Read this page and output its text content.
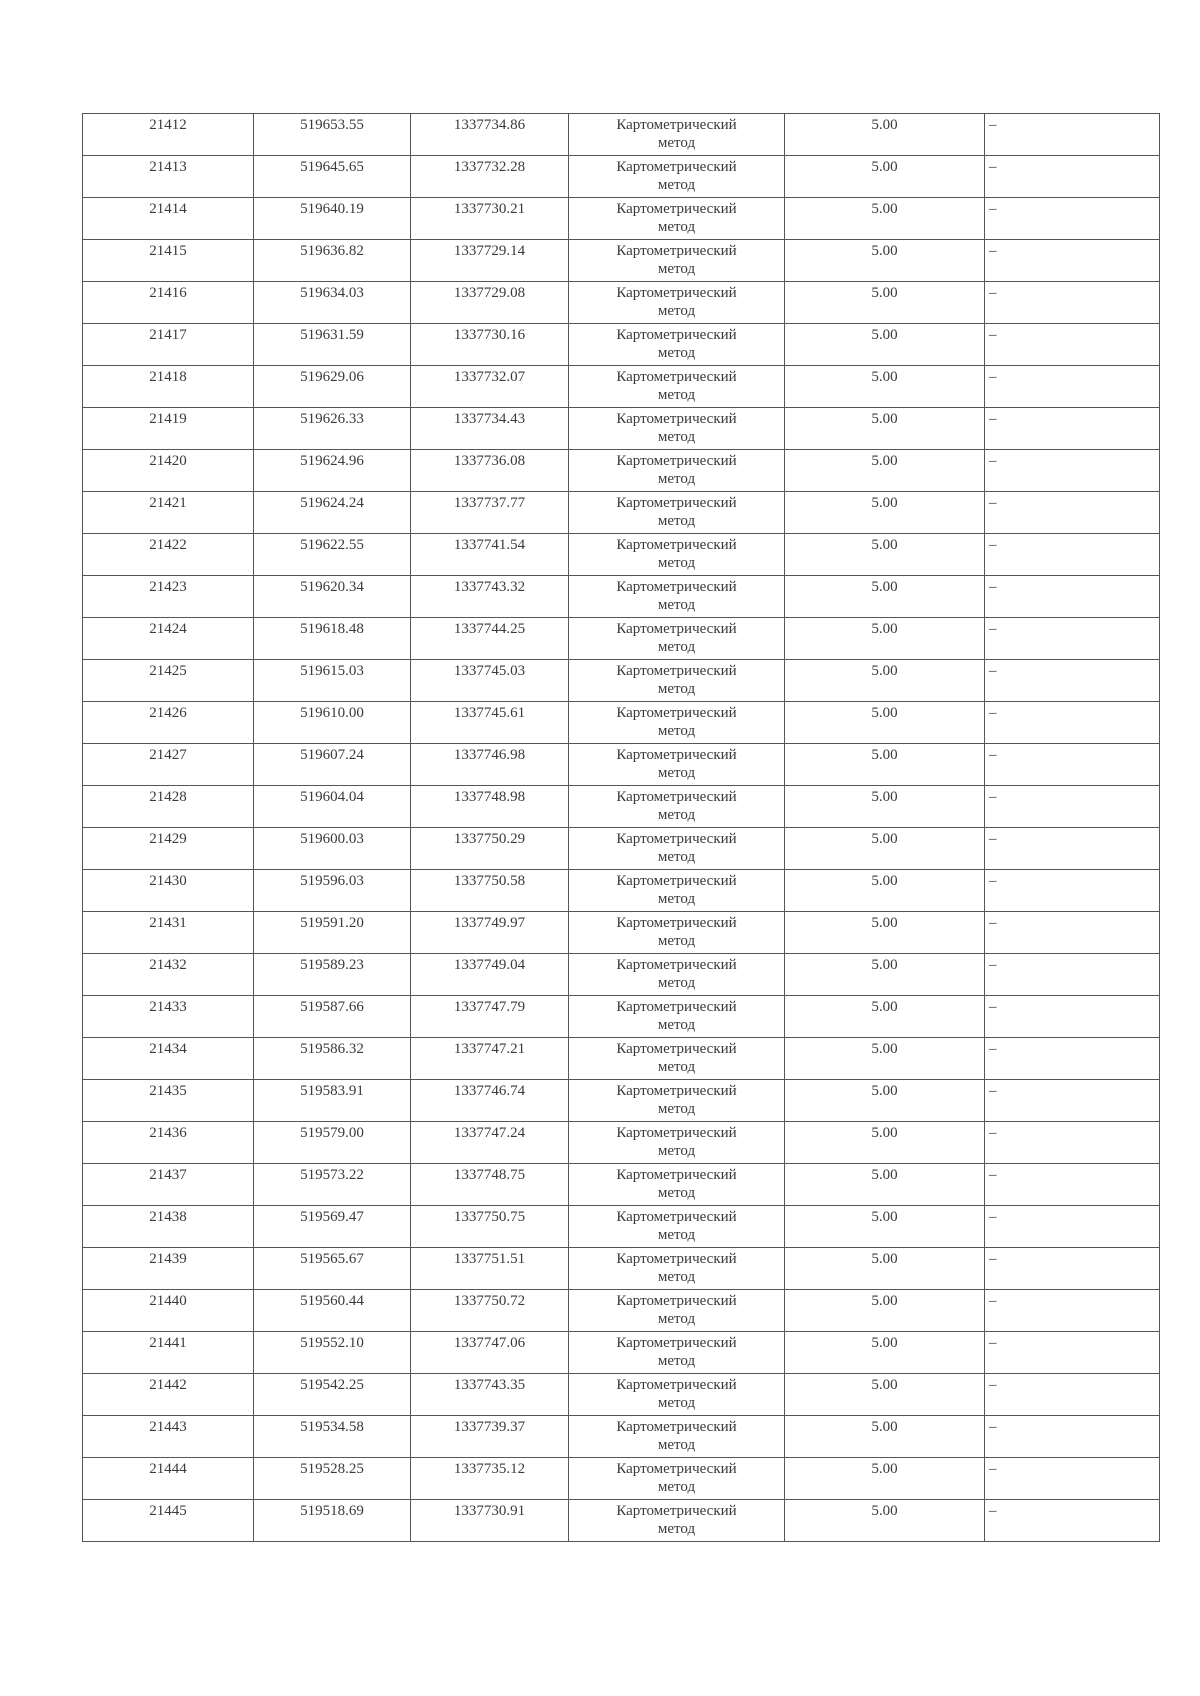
21412	519653.55	1337734.86	Картометрический
метод	5.00	–
21413	519645.65	1337732.28	Картометрический
метод	5.00	–
21414	519640.19	1337730.21	Картометрический
метод	5.00	–
21415	519636.82	1337729.14	Картометрический
метод	5.00	–
21416	519634.03	1337729.08	Картометрический
метод	5.00	–
21417	519631.59	1337730.16	Картометрический
метод	5.00	–
21418	519629.06	1337732.07	Картометрический
метод	5.00	–
21419	519626.33	1337734.43	Картометрический
метод	5.00	–
21420	519624.96	1337736.08	Картометрический
метод	5.00	–
21421	519624.24	1337737.77	Картометрический
метод	5.00	–
21422	519622.55	1337741.54	Картометрический
метод	5.00	–
21423	519620.34	1337743.32	Картометрический
метод	5.00	–
21424	519618.48	1337744.25	Картометрический
метод	5.00	–
21425	519615.03	1337745.03	Картометрический
метод	5.00	–
21426	519610.00	1337745.61	Картометрический
метод	5.00	–
21427	519607.24	1337746.98	Картометрический
метод	5.00	–
21428	519604.04	1337748.98	Картометрический
метод	5.00	–
21429	519600.03	1337750.29	Картометрический
метод	5.00	–
21430	519596.03	1337750.58	Картометрический
метод	5.00	–
21431	519591.20	1337749.97	Картометрический
метод	5.00	–
21432	519589.23	1337749.04	Картометрический
метод	5.00	–
21433	519587.66	1337747.79	Картометрический
метод	5.00	–
21434	519586.32	1337747.21	Картометрический
метод	5.00	–
21435	519583.91	1337746.74	Картометрический
метод	5.00	–
21436	519579.00	1337747.24	Картометрический
метод	5.00	–
21437	519573.22	1337748.75	Картометрический
метод	5.00	–
21438	519569.47	1337750.75	Картометрический
метод	5.00	–
21439	519565.67	1337751.51	Картометрический
метод	5.00	–
21440	519560.44	1337750.72	Картометрический
метод	5.00	–
21441	519552.10	1337747.06	Картометрический
метод	5.00	–
21442	519542.25	1337743.35	Картометрический
метод	5.00	–
21443	519534.58	1337739.37	Картометрический
метод	5.00	–
21444	519528.25	1337735.12	Картометрический
метод	5.00	–
21445	519518.69	1337730.91	Картометрический
метод	5.00	–
